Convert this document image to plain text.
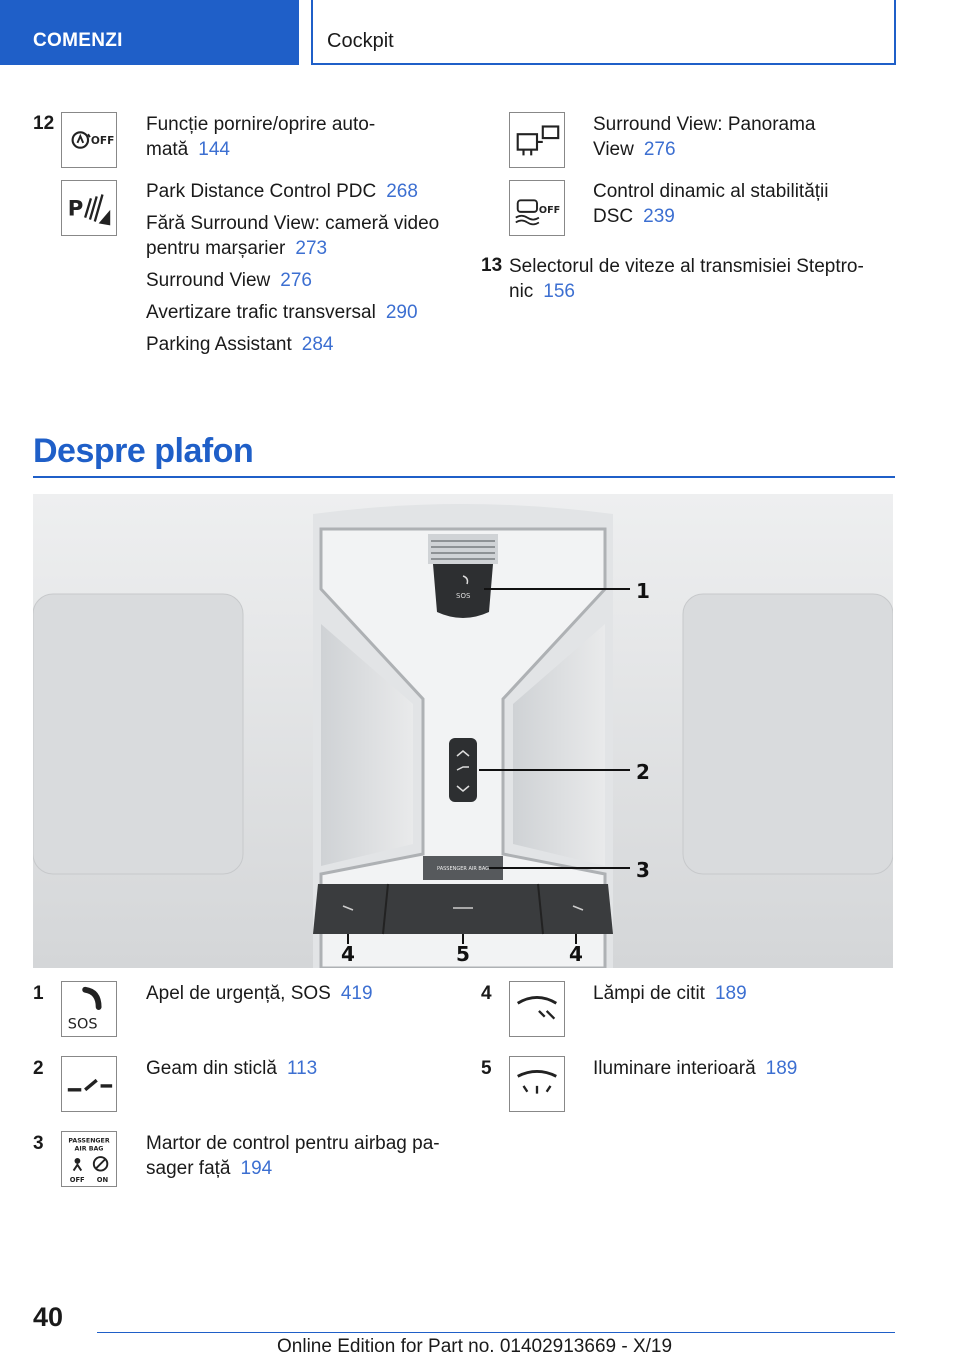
COMENZI	Cockpit
12
OFF
Funcție pornire/oprire auto-
mată 144
P
Park Distance Control PDC 268
Fără Surround View: cameră video
pentru marșarier 273
Surround View 276
Avertizare trafic transversal 290
Parking Assistant 284
Surround View: Panorama
View 276
OFF
Control dinamic al stabilității
DSC 239
13 Selectorul de viteze al transmisiei Steptro-
nic 156
Despre plafon
SOS
PASSENGER AIR BAG
1
2
3
4	5	4
1
SOS
Apel de urgență, SOS 419
2	Geam din sticlă 113
3	PASSENGER
AIR BAG
OFF ON
Martor de control pentru airbag pa-
sager față 194
4	Lămpi de citit 189
5	Iluminare interioară 189
40
Online Edition for Part no. 01402913669 - X/19
